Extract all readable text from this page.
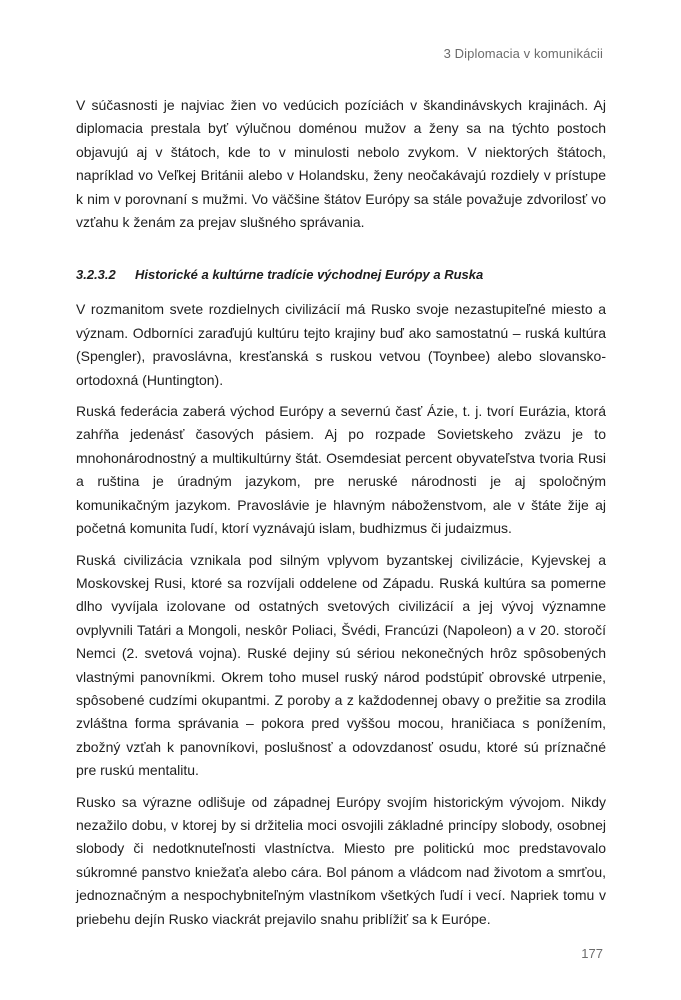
3 Diplomacia v komunikácii

V súčasnosti je najviac žien vo vedúcich pozíciách v škandinávskych krajinách. Aj diplomacia prestala byť výlučnou doménou mužov a ženy sa na týchto postoch objavujú aj v štátoch, kde to v minulosti nebolo zvykom. V niektorých štátoch, napríklad vo Veľkej Británii alebo v Holandsku, ženy neočakávajú rozdiely v prístupe k nim v porovnaní s mužmi. Vo väčšine štátov Európy sa stále považuje zdvorilosť vo vzťahu k ženám za prejav slušného správania.

3.2.3.2 Historické a kultúrne tradície východnej Európy a Ruska

V rozmanitom svete rozdielnych civilizácií má Rusko svoje nezastupiteľné miesto a význam. Odborníci zaraďujú kultúru tejto krajiny buď ako samostatnú – ruská kultúra (Spengler), pravoslávna, kresťanská s ruskou vetvou (Toynbee) alebo slovansko-ortodoxná (Huntington).

Ruská federácia zaberá východ Európy a severnú časť Ázie, t. j. tvorí Eurázia, ktorá zahŕňa jedenásť časových pásiem. Aj po rozpade Sovietskeho zväzu je to mnohonárodnostný a multikultúrny štát. Osemdesiat percent obyvateľstva tvoria Rusi a ruština je úradným jazykom, pre neruské národnosti je aj spoločným komunikačným jazykom. Pravoslávie je hlavným náboženstvom, ale v štáte žije aj početná komunita ľudí, ktorí vyznávajú islam, budhizmus či judaizmus.

Ruská civilizácia vznikala pod silným vplyvom byzantskej civilizácie, Kyjevskej a Moskovskej Rusi, ktoré sa rozvíjali oddelene od Západu. Ruská kultúra sa pomerne dlho vyvíjala izolovane od ostatných svetových civilizácií a jej vývoj významne ovplyvnili Tatári a Mongoli, neskôr Poliaci, Švédi, Francúzi (Napoleon) a v 20. storočí Nemci (2. svetová vojna). Ruské dejiny sú sériou nekonečných hrôz spôsobených vlastnými panovníkmi. Okrem toho musel ruský národ podstúpiť obrovské utrpenie, spôsobené cudzími okupantmi. Z poroby a z každodennej obavy o prežitie sa zrodila zvláštna forma správania – pokora pred vyššou mocou, hraničiaca s ponížením, zbožný vzťah k panovníkovi, poslušnosť a odovzdanosť osudu, ktoré sú príznačné pre ruskú mentalitu.

Rusko sa výrazne odlišuje od západnej Európy svojím historickým vývojom. Nikdy nezažilo dobu, v ktorej by si držitelia moci osvojili základné princípy slobody, osobnej slobody či nedotknuteľnosti vlastníctva. Miesto pre politickú moc predstavovalo súkromné panstvo kniežaťa alebo cára. Bol pánom a vládcom nad životom a smrťou, jednoznačným a nespochybniteľným vlastníkom všetkých ľudí i vecí. Napriek tomu v priebehu dejín Rusko viackrát prejavilo snahu priblížiť sa k Európe.

177
